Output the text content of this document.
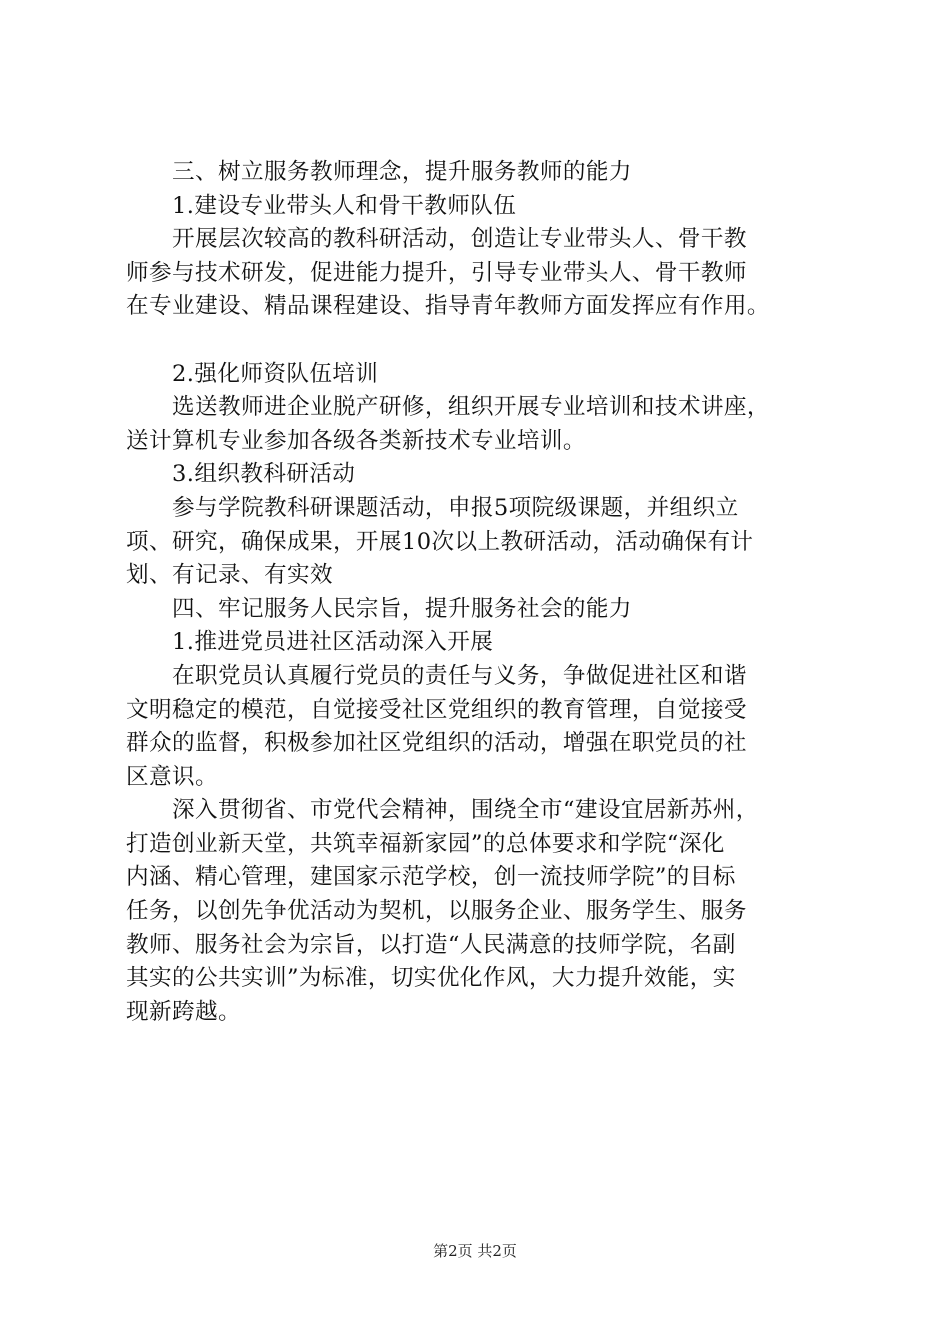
　　三、树立服务教师理念，提升服务教师的能力
　　1.建设专业带头人和骨干教师队伍
　　开展层次较高的教科研活动，创造让专业带头人、骨干教
师参与技术研发，促进能力提升，引导专业带头人、骨干教师
在专业建设、精品课程建设、指导青年教师方面发挥应有作用。
　　2.强化师资队伍培训
　　选送教师进企业脱产研修，组织开展专业培训和技术讲座，
送计算机专业参加各级各类新技术专业培训。
　　3.组织教科研活动
　　参与学院教科研课题活动，申报5项院级课题，并组织立
项、研究，确保成果，开展10次以上教研活动，活动确保有计
划、有记录、有实效
　　四、牢记服务人民宗旨，提升服务社会的能力
　　1.推进党员进社区活动深入开展
　　在职党员认真履行党员的责任与义务，争做促进社区和谐
文明稳定的模范，自觉接受社区党组织的教育管理，自觉接受
群众的监督，积极参加社区党组织的活动，增强在职党员的社
区意识。
　　深入贯彻省、市党代会精神，围绕全市“建设宜居新苏州，
打造创业新天堂，共筑幸福新家园”的总体要求和学院“深化
内涵、精心管理，建国家示范学校，创一流技师学院”的目标
任务，以创先争优活动为契机，以服务企业、服务学生、服务
教师、服务社会为宗旨，以打造“人民满意的技师学院，名副
其实的公共实训”为标准，切实优化作风，大力提升效能，实
现新跨越。
第2页 共2页
